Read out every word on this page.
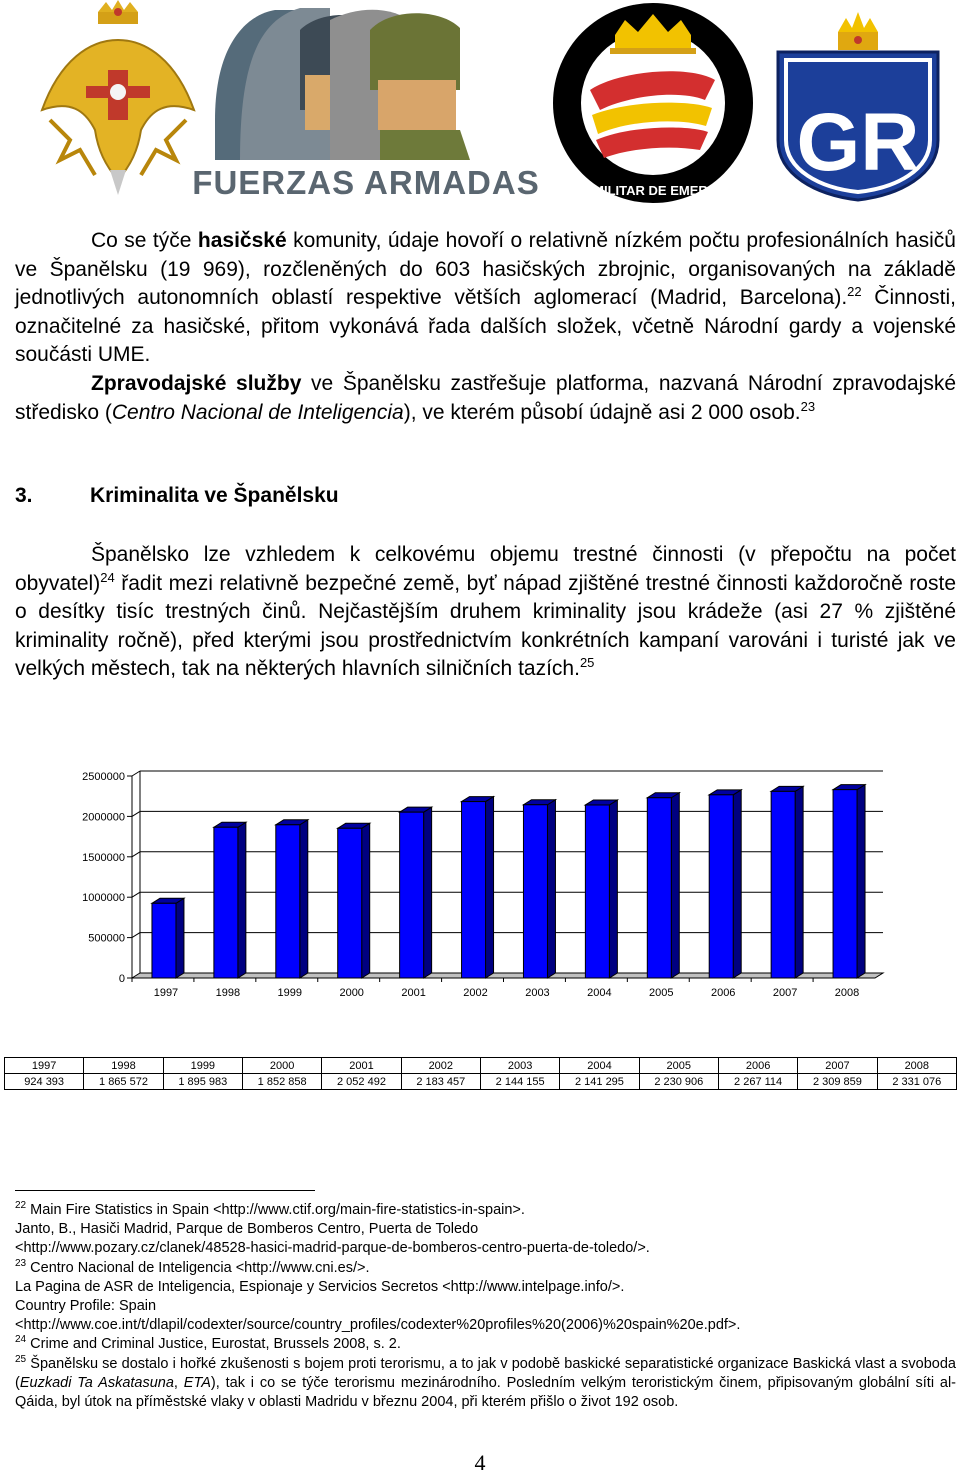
FUERZAS ARMADAS UNIDAD MILITAR DE EMERGENCIAS
GR

Co se týče hasičské komunity, údaje hovoří o relativně nízkém počtu profesionálních hasičů ve Španělsku (19 969), rozčleněných do 603 hasičských zbrojnic, organisovaných na základě jednotlivých autonomních oblastí respektive větších aglomerací (Madrid, Barcelona).$^{22}$ Činnosti, označitelné za hasičské, přitom vykonává řada dalších složek, včetně Národní gardy a vojenské součásti UME.

Zpravodajské služby ve Španělsku zastřešuje platforma, nazvaná Národní zpravodajské středisko (Centro Nacional de Inteligencia), ve kterém působí údajně asi 2 000 osob.$^{23}$

3.	Kriminalita ve Španělsku

Španělsko lze vzhledem k celkovému objemu trestné činnosti (v přepočtu na počet obyvatel)$^{24}$ řadit mezi relativně bezpečné země, byť nápad zjištěné trestné činnosti každoročně roste o desítky tisíc trestných činů. Nejčastějším druhem kriminality jsou krádeže (asi 27 % zjištěné kriminality ročně), před kterými jsou prostřednictvím konkrétních kampaní varováni i turisté jak ve velkých městech, tak na některých hlavních silničních tazích.$^{25}$

0
500000
1000000
1500000
2000000
2500000
1997	1998	1999	2000	2001	2002	2003	2004	2005	2006	2007	2008
1997	1998	1999	2000	2001	2002	2003	2004	2005	2006	2007	2008
924 393	1 865 572	1 895 983	1 852 858	2 052 492	2 183 457	2 144 155	2 141 295	2 230 906	2 267 114	2 309 859	2 331 076

$^{22}$ Main Fire Statistics in Spain <http://www.ctif.org/main-fire-statistics-in-spain>.

Janto, B., Hasiči Madrid, Parque de Bomberos Centro, Puerta de Toledo

<http://www.pozary.cz/clanek/48528-hasici-madrid-parque-de-bomberos-centro-puerta-de-toledo/>.

$^{23}$ Centro Nacional de Inteligencia <http://www.cni.es/>.

La Pagina de ASR de Inteligencia, Espionaje y Servicios Secretos <http://www.intelpage.info/>.

Country Profile: Spain

<http://www.coe.int/t/dlapil/codexter/source/country_profiles/codexter%20profiles%20(2006)%20spain%20e.pdf>.

$^{24}$ Crime and Criminal Justice, Eurostat, Brussels 2008, s. 2.

$^{25}$ Španělsku se dostalo i hořké zkušenosti s bojem proti terorismu, a to jak v podobě baskické separatistické organizace Baskická vlast a svoboda (Euzkadi Ta Askatasuna, ETA), tak i co se týče terorismu mezinárodního. Posledním velkým teroristickým činem, připisovaným globální síti al-Qáida, byl útok na příměstské vlaky v oblasti Madridu v březnu 2004, při kterém přišlo o život 192 osob.

4
